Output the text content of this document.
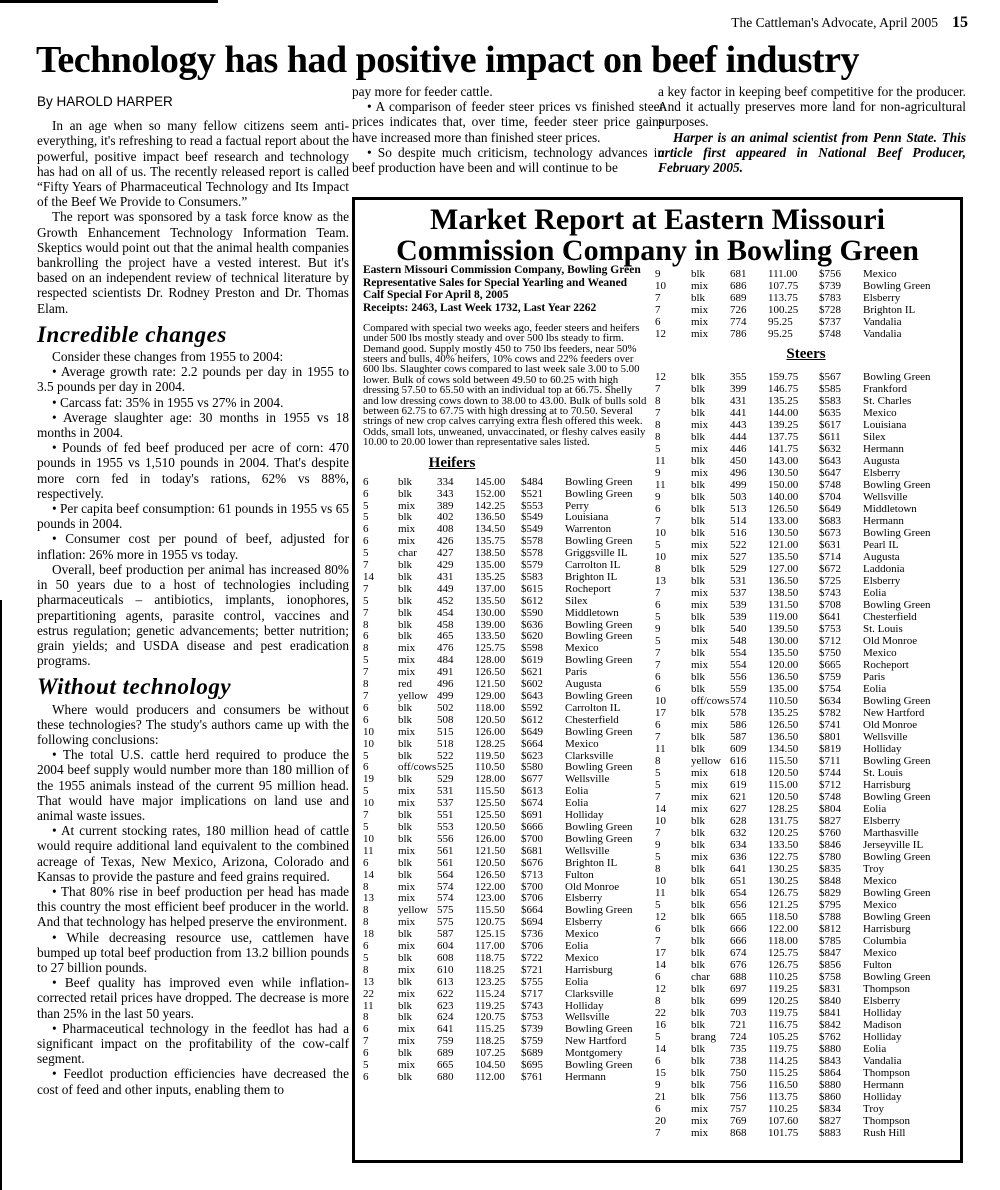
The Cattleman's Advocate, April 2005 15
Technology has had positive impact on beef industry
By HAROLD HARPER
In an age when so many fellow citizens seem anti-everything, it's refreshing to read a factual report about the powerful, positive impact beef research and technology has had on all of us. The recently released report is called “Fifty Years of Pharmaceutical Technology and Its Impact of the Beef We Provide to Consumers.”
The report was sponsored by a task force know as the Growth Enhancement Technology Information Team. Skeptics would point out that the animal health companies bankrolling the project have a vested interest. But it's based on an independent review of technical literature by respected scientists Dr. Rodney Preston and Dr. Thomas Elam.
Incredible changes
Consider these changes from 1955 to 2004:
• Average growth rate: 2.2 pounds per day in 1955 to 3.5 pounds per day in 2004.
• Carcass fat: 35% in 1955 vs 27% in 2004.
• Average slaughter age: 30 months in 1955 vs 18 months in 2004.
• Pounds of fed beef produced per acre of corn: 470 pounds in 1955 vs 1,510 pounds in 2004. That's despite more corn fed in today's rations, 62% vs 88%, respectively.
• Per capita beef consumption: 61 pounds in 1955 vs 65 pounds in 2004.
• Consumer cost per pound of beef, adjusted for inflation: 26% more in 1955 vs today.
Overall, beef production per animal has increased 80% in 50 years due to a host of technologies including pharmaceuticals – antibiotics, implants, ionophores, prepartitioning agents, parasite control, vaccines and estrus regulation; genetic advancements; better nutrition; grain yields; and USDA disease and pest eradication programs.
Without technology
Where would producers and consumers be without these technologies? The study's authors came up with the following conclusions:
• The total U.S. cattle herd required to produce the 2004 beef supply would number more than 180 million of the 1955 animals instead of the current 95 million head. That would have major implications on land use and animal waste issues.
• At current stocking rates, 180 million head of cattle would require additional land equivalent to the combined acreage of Texas, New Mexico, Arizona, Colorado and Kansas to provide the pasture and feed grains required.
• That 80% rise in beef production per head has made this country the most efficient beef producer in the world. And that technology has helped preserve the environment.
• While decreasing resource use, cattlemen have bumped up total beef production from 13.2 billion pounds to 27 billion pounds.
• Beef quality has improved even while inflation-corrected retail prices have dropped. The decrease is more than 25% in the last 50 years.
• Pharmaceutical technology in the feedlot has had a significant impact on the profitability of the cow-calf segment.
• Feedlot production efficiencies have decreased the cost of feed and other inputs, enabling them to
pay more for feeder cattle.
• A comparison of feeder steer prices vs finished steer prices indicates that, over time, feeder steer price gains have increased more than finished steer prices.
• So despite much criticism, technology advances in beef production have been and will continue to be
a key factor in keeping beef competitive for the producer. And it actually preserves more land for non-agricultural purposes.
Harper is an animal scientist from Penn State. This article first appeared in National Beef Producer, February 2005.
Market Report at Eastern Missouri
Commission Company in Bowling Green
Eastern Missouri Commission Company, Bowling Green
Representative Sales for Special Yearling and Weaned
Calf Special For April 8, 2005
Receipts: 2463, Last Week 1732, Last Year 2262
Compared with special two weeks ago, feeder steers and heifers under 500 lbs mostly steady and over 500 lbs steady to firm. Demand good. Supply mostly 450 to 750 lbs feeders, near 50% steers and bulls, 40% heifers, 10% cows and 22% feeders over 600 lbs. Slaughter cows compared to last week sale 3.00 to 5.00 lower. Bulk of cows sold between 49.50 to 60.25 with high dressing 57.50 to 65.50 with an individual top at 66.75. Shelly and low dressing cows down to 38.00 to 43.00. Bulk of bulls sold between 62.75 to 67.75 with high dressing at to 70.50. Several strings of new crop calves carrying extra flesh offered this week. Odds, small lots, unweaned, unvaccinated, or fleshy calves easily 10.00 to 20.00 lower than representative sales listed.
Heifers
6	blk	334	145.00	$484	Bowling Green
6	blk	343	152.00	$521	Bowling Green
5	mix	389	142.25	$553	Perry
5	blk	402	136.50	$549	Louisiana
6	mix	408	134.50	$549	Warrenton
6	mix	426	135.75	$578	Bowling Green
5	char	427	138.50	$578	Griggsville IL
7	blk	429	135.00	$579	Carrolton IL
14	blk	431	135.25	$583	Brighton IL
7	blk	449	137.00	$615	Rocheport
5	blk	452	135.50	$612	Silex
7	blk	454	130.00	$590	Middletown
8	blk	458	139.00	$636	Bowling Green
6	blk	465	133.50	$620	Bowling Green
8	mix	476	125.75	$598	Mexico
5	mix	484	128.00	$619	Bowling Green
7	mix	491	126.50	$621	Paris
8	red	496	121.50	$602	Augusta
7	yellow 499	129.00	$643	Bowling Green
6	blk	502	118.00	$592	Carrolton IL
6	blk	508	120.50	$612	Chesterfield
10	mix	515	126.00	$649	Bowling Green
10	blk	518	128.25	$664	Mexico
5	blk	522	119.50	$623	Clarksville
6	off/cows 525	110.50	$580	Bowling Green
19	blk	529	128.00	$677	Wellsville
5	mix	531	115.50	$613	Eolia
10	mix	537	125.50	$674	Eolia
7	blk	551	125.50	$691	Holliday
5	blk	553	120.50	$666	Bowling Green
10	blk	556	126.00	$700	Bowling Green
11	mix	561	121.50	$681	Wellsville
6	blk	561	120.50	$676	Brighton IL
14	blk	564	126.50	$713	Fulton
8	mix	574	122.00	$700	Old Monroe
13	mix	574	123.00	$706	Elsberry
8	yellow 575	115.50	$664	Bowling Green
8	mix	575	120.75	$694	Elsberry
18	blk	587	125.15	$736	Mexico
6	mix	604	117.00	$706	Eolia
5	blk	608	118.75	$722	Mexico
8	mix	610	118.25	$721	Harrisburg
13	blk	613	123.25	$755	Eolia
22	mix	622	115.24	$717	Clarksville
11	blk	623	119.25	$743	Holliday
8	blk	624	120.75	$753	Wellsville
6	mix	641	115.25	$739	Bowling Green
7	mix	759	118.25	$759	New Hartford
6	blk	689	107.25	$689	Montgomery
5	mix	665	104.50	$695	Bowling Green
6	blk	680	112.00	$761	Hermann
9	blk	681	111.00	$756	Mexico
10	mix	686	107.75	$739	Bowling Green
7	blk	689	113.75	$783	Elsberry
7	mix	726	100.25	$728	Brighton IL
6	mix	774	95.25	$737	Vandalia
12	mix	786	95.25	$748	Vandalia
Steers
12	blk	355	159.75	$567	Bowling Green
7	blk	399	146.75	$585	Frankford
8	blk	431	135.25	$583	St. Charles
7	blk	441	144.00	$635	Mexico
8	mix	443	139.25	$617	Louisiana
8	blk	444	137.75	$611	Silex
5	mix	446	141.75	$632	Hermann
11	blk	450	143.00	$643	Augusta
9	mix	496	130.50	$647	Elsberry
11	blk	499	150.00	$748	Bowling Green
9	blk	503	140.00	$704	Wellsville
6	blk	513	126.50	$649	Middletown
7	blk	514	133.00	$683	Hermann
10	blk	516	130.50	$673	Bowling Green
5	mix	522	121.00	$631	Pearl IL
10	mix	527	135.50	$714	Augusta
8	blk	529	127.00	$672	Laddonia
13	blk	531	136.50	$725	Elsberry
7	mix	537	138.50	$743	Eolia
6	mix	539	131.50	$708	Bowling Green
5	blk	539	119.00	$641	Chesterfield
9	blk	540	139.50	$753	St. Louis
5	mix	548	130.00	$712	Old Monroe
7	blk	554	135.50	$750	Mexico
7	mix	554	120.00	$665	Rocheport
6	blk	556	136.50	$759	Paris
6	blk	559	135.00	$754	Eolia
10	off/cows 574	110.50	$634	Bowling Green
17	blk	578	135.25	$782	New Hartford
6	mix	586	126.50	$741	Old Monroe
7	blk	587	136.50	$801	Wellsville
11	blk	609	134.50	$819	Holliday
8	yellow 616	115.50	$711	Bowling Green
5	mix	618	120.50	$744	St. Louis
5	mix	619	115.00	$712	Harrisburg
7	mix	621	120.50	$748	Bowling Green
14	mix	627	128.25	$804	Eolia
10	blk	628	131.75	$827	Elsberry
7	blk	632	120.25	$760	Marthasville
9	blk	634	133.50	$846	Jerseyville IL
5	mix	636	122.75	$780	Bowling Green
8	blk	641	130.25	$835	Troy
10	blk	651	130.25	$848	Mexico
11	blk	654	126.75	$829	Bowling Green
5	blk	656	121.25	$795	Mexico
12	blk	665	118.50	$788	Bowling Green
6	blk	666	122.00	$812	Harrisburg
7	blk	666	118.00	$785	Columbia
17	blk	674	125.75	$847	Mexico
14	blk	676	126.75	$856	Fulton
6	char	688	110.25	$758	Bowling Green
12	blk	697	119.25	$831	Thompson
8	blk	699	120.25	$840	Elsberry
22	blk	703	119.75	$841	Holliday
16	blk	721	116.75	$842	Madison
5	brang	724	105.25	$762	Holliday
14	blk	735	119.75	$880	Eolia
6	blk	738	114.25	$843	Vandalia
15	blk	750	115.25	$864	Thompson
9	blk	756	116.50	$880	Hermann
21	blk	756	113.75	$860	Holliday
6	mix	757	110.25	$834	Troy
20	mix	769	107.60	$827	Thompson
7	mix	868	101.75	$883	Rush Hill
